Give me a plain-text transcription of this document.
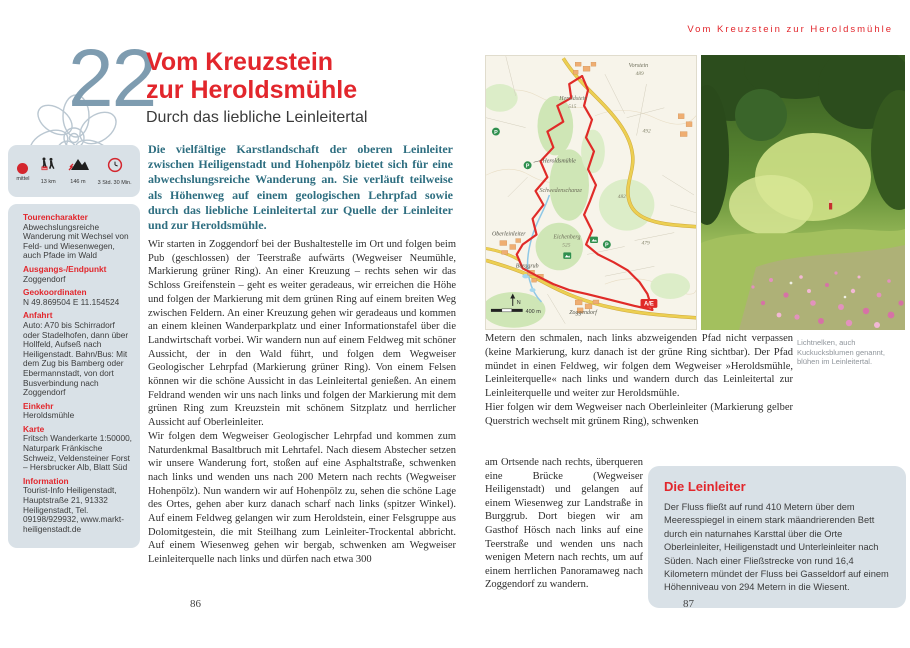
22
Vom Kreuzstein
zur Heroldsmühle
Durch das liebliche Leinleitertal
mittel
km
13 km	146 m 3 Std. 30 Min.
Tourencharakter
Abwechslungsreiche Wanderung mit Wechsel von Feld- und Wiesenwegen, auch Pfade im Wald
Ausgangs-/Endpunkt
Zoggendorf
Geokoordinaten
N 49.869504 E 11.154524
Anfahrt
Auto: A70 bis Schirradorf oder Stadelhofen, dann über Hollfeld, Aufseß nach Heiligenstadt. Bahn/Bus: Mit dem Zug bis Bamberg oder Ebermannstadt, von dort Busverbindung nach Zoggendorf
Einkehr
Heroldsmühle
Karte
Fritsch Wanderkarte 1:50000, Naturpark Fränkische Schweiz, Veldensteiner Forst – Hersbrucker Alb, Blatt Süd
Information
Tourist-Info Heiligenstadt, Hauptstraße 21, 91332 Heiligenstadt, Tel. 09198/929932, www.markt-heiligenstadt.de
Die vielfältige Karstlandschaft der oberen Leinleiter zwischen Heiligenstadt und Hohenpölz bietet sich für eine abwechslungsreiche Wanderung an. Sie verläuft teilweise als Höhenweg auf einem geologischen Lehrpfad sowie durch das liebliche Leinleitertal zur Quelle der Leinleiter und zur Heroldsmühle.

Wir starten in Zoggendorf bei der Bushaltestelle im Ort und folgen beim Pub (geschlossen) der Teerstraße aufwärts (Wegweiser Neumühle, Markierung grüner Ring). An einer Kreuzung – rechts sehen wir das Schloss Greifenstein – geht es weiter geradeaus, wir erreichen die Höhe und folgen der Markierung mit dem grünen Ring auf einem breiten Weg zwischen Feldern. An einer Kreuzung gehen wir geradeaus und kommen an einem kleinen Wanderparkplatz und einer Informationstafel über die Landwirtschaft vorbei. Wir wandern nun auf einem Feldweg mit schöner Aussicht, der in den Wald führt, und folgen dem Wegweiser Geologischer Lehrpfad (Markierung grüner Ring). Von einem Felsen können wir die schöne Aussicht in das Leinleitertal genießen. An einem Feldrand wenden wir uns nach links und folgen der Markierung mit dem grünen Ring zum Kreuzstein mit schönem Sitzplatz und herrlicher Aussicht auf Oberleinleiter.

Wir folgen dem Wegweiser Geologischer Lehrpfad und kommen zum Naturdenkmal Basaltbruch mit Lehrtafel. Nach diesem Abstecher setzen wir unsere Wanderung fort, stoßen auf eine Asphaltstraße, schwenken nach links und wenden uns nach 200 Metern nach rechts (Wegweiser Hohenpölz). Nun wandern wir auf Hohenpölz zu, sehen die schöne Lage des Ortes, gehen aber kurz danach scharf nach links (spitzer Winkel). Auf einem Feldweg gelangen wir zum Heroldstein, einer Felsgruppe aus Dolomitgestein, die mit Steilhang zum Leinleiter-Trockental abbricht. Auf einem Wiesenweg gehen wir bergab, schwenken am Wegweiser Leinleiterquelle nach links und dürfen nach etwa 300

86
Vom Kreuzstein zur Heroldsmühle
P
P
P
Vorstein
489
Heroldstein
515
492
Heroldsmühle
Schwedenschanze
482
Eichenberg
525	479
Oberleinleiter
Burggrub
Zoggendorf
A/E
N
400 m
Lichtnelken, auch Kuckucksblumen genannt, blühen im Leinleitertal.

Metern den schmalen, nach links abzweigenden Pfad nicht verpassen (keine Markierung, kurz danach ist der grüne Ring sichtbar). Der Pfad mündet in einen Feldweg, wir folgen dem Wegweiser »Heroldsmühle, Leinleiterquelle« nach links und wandern durch das Leinleitertal zur Leinleiterquelle und weiter zur Heroldsmühle.

Hier folgen wir dem Wegweiser nach Oberleinleiter (Markierung gelber Querstrich wechselt mit grünem Ring), schwenken

am Ortsende nach rechts, überqueren eine Brücke (Wegweiser Heiligenstadt) und gelangen auf einem Wiesenweg zur Landstraße in Burggrub. Dort biegen wir am Gasthof Hösch nach links auf eine Teerstraße und wenden uns nach wenigen Metern nach rechts, um auf einem herrlichen Panoramaweg nach Zoggendorf zu wandern.
Die Leinleiter
Der Fluss fließt auf rund 410 Metern über dem Meeresspiegel in einem stark mäandrierenden Bett durch ein naturnahes Karsttal über die Orte Oberleinleiter, Heiligenstadt und Unterleinleiter nach Süden. Nach einer Fließstrecke von rund 16,4 Kilometern mündet der Fluss bei Gasseldorf auf einem Höhenniveau von 294 Metern in die Wiesent.
87
